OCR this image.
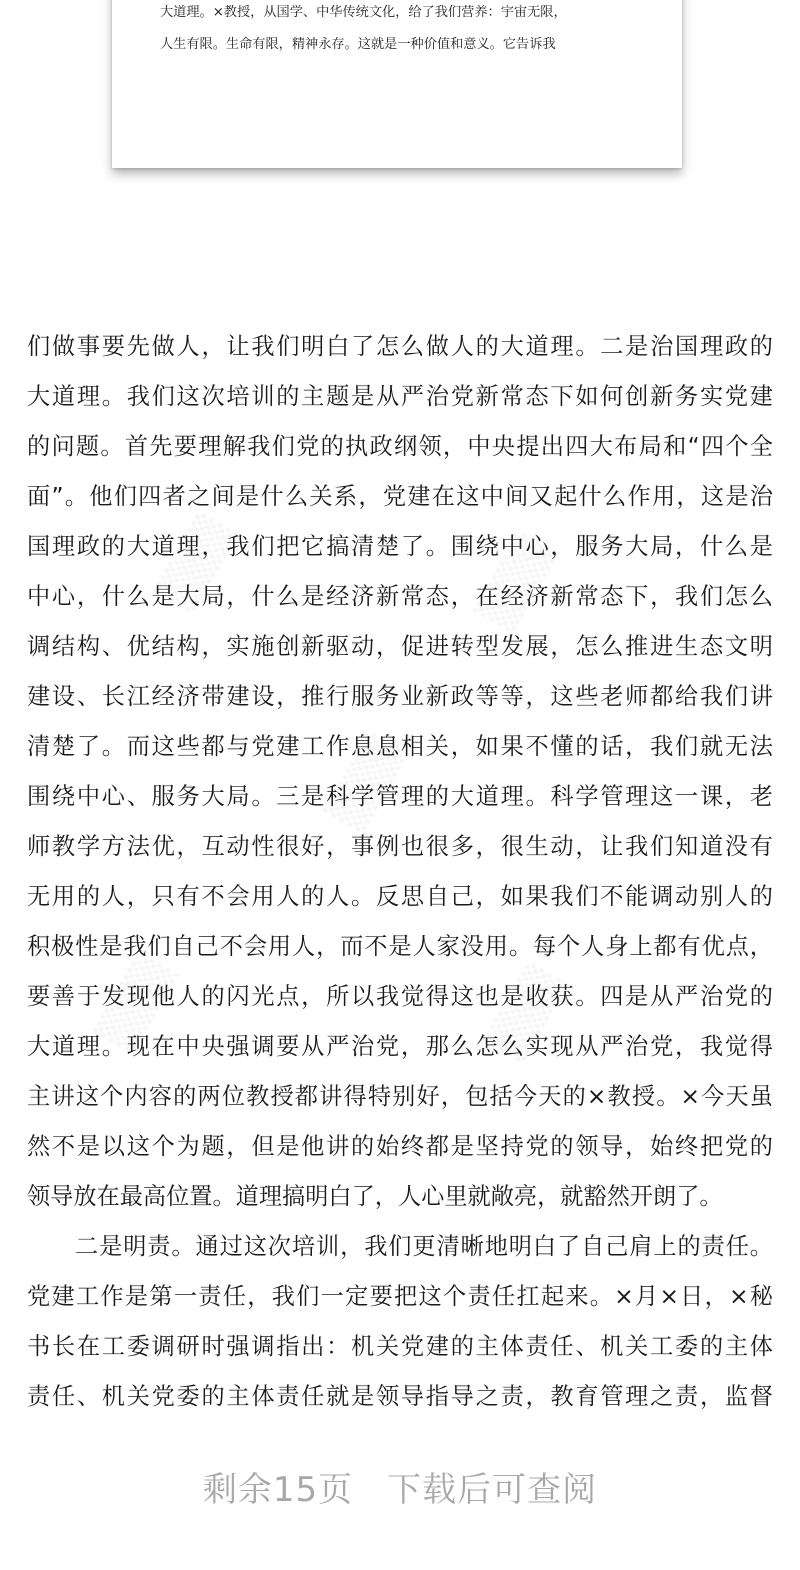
大道理。×教授，从国学、中华传统文化，给了我们营养：宇宙无限，
人生有限。生命有限，精神永存。这就是一种价值和意义。它告诉我
们做事要先做人，让我们明白了怎么做人的大道理。二是治国理政的
大道理。我们这次培训的主题是从严治党新常态下如何创新务实党建
的问题。首先要理解我们党的执政纲领，中央提出四大布局和“四个全
面”。他们四者之间是什么关系，党建在这中间又起什么作用，这是治
国理政的大道理，我们把它搞清楚了。围绕中心，服务大局，什么是
中心，什么是大局，什么是经济新常态，在经济新常态下，我们怎么
调结构、优结构，实施创新驱动，促进转型发展，怎么推进生态文明
建设、长江经济带建设，推行服务业新政等等，这些老师都给我们讲
清楚了。而这些都与党建工作息息相关，如果不懂的话，我们就无法
围绕中心、服务大局。三是科学管理的大道理。科学管理这一课，老
师教学方法优，互动性很好，事例也很多，很生动，让我们知道没有
无用的人，只有不会用人的人。反思自己，如果我们不能调动别人的
积极性是我们自己不会用人，而不是人家没用。每个人身上都有优点，
要善于发现他人的闪光点，所以我觉得这也是收获。四是从严治党的
大道理。现在中央强调要从严治党，那么怎么实现从严治党，我觉得
主讲这个内容的两位教授都讲得特别好，包括今天的×教授。×今天虽
然不是以这个为题，但是他讲的始终都是坚持党的领导，始终把党的
领导放在最高位置。道理搞明白了，人心里就敞亮，就豁然开朗了。
二是明责。通过这次培训，我们更清晰地明白了自己肩上的责任。
党建工作是第一责任，我们一定要把这个责任扛起来。×月×日，×秘
书长在工委调研时强调指出：机关党建的主体责任、机关工委的主体
责任、机关党委的主体责任就是领导指导之责，教育管理之责，监督
剩余15页 下载后可查阅
